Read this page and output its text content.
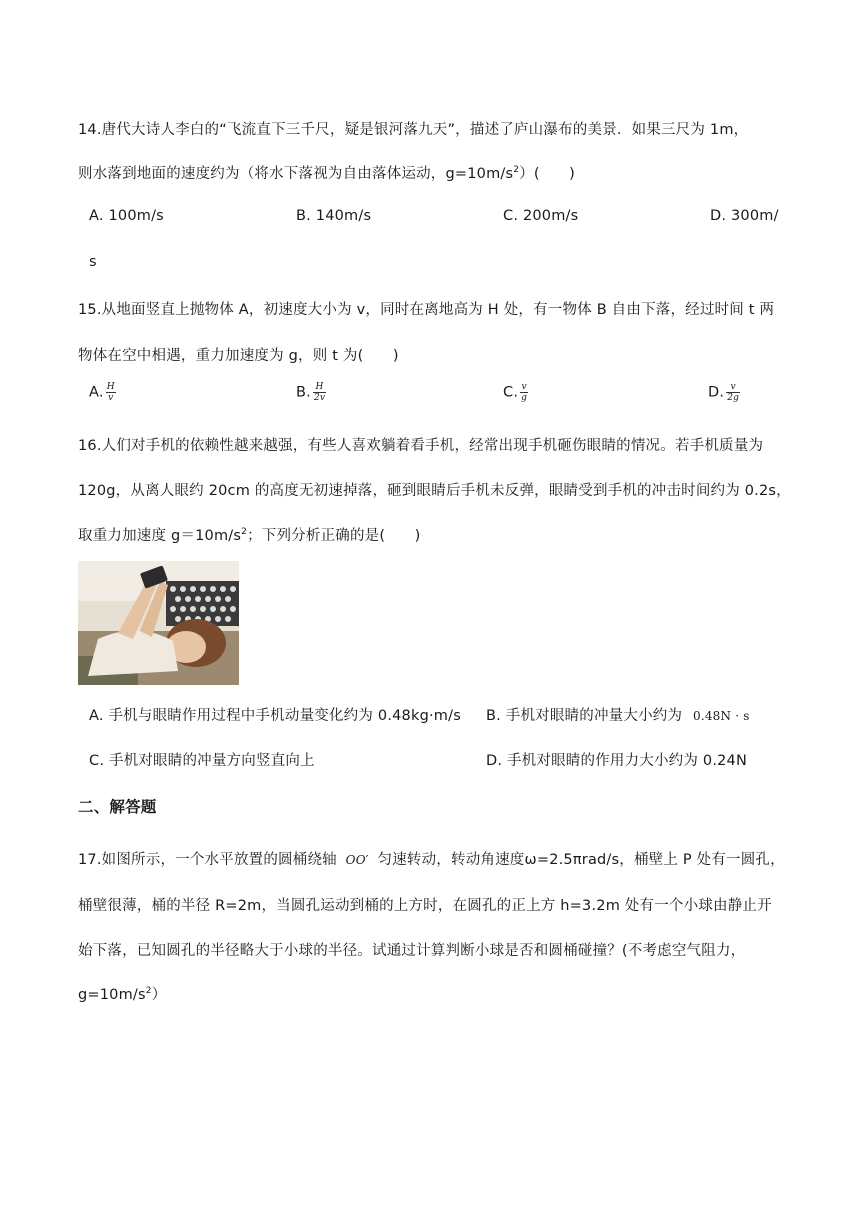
14.唐代大诗人李白的“飞流直下三千尺，疑是银河落九天”，描述了庐山瀑布的美景．如果三尺为 1m，
则水落到地面的速度约为（将水下落视为自由落体运动，$g=10m/s^2$）(　　)
A. 100m/s	B. 140m/s	C. 200m/s	D. 300m/
s
15.从地面竖直上抛物体 A，初速度大小为 v，同时在离地高为 H 处，有一物体 B 自由下落，经过时间 t 两
物体在空中相遇，重力加速度为 g，则 t 为(　　)
A. $\frac{H}{v}$	B. $\frac{H}{2v}$	C. $\frac{v}{g}$	D. $\frac{v}{2g}$
16.人们对手机的依赖性越来越强，有些人喜欢躺着看手机，经常出现手机砸伤眼睛的情况。若手机质量为
120g，从离人眼约 20cm 的高度无初速掉落，砸到眼睛后手机未反弹，眼睛受到手机的冲击时间约为 0.2s，
取重力加速度 $g=10m/s^2$；下列分析正确的是(　　)
A. 手机与眼睛作用过程中手机动量变化约为 0.48kg·m/s B. 手机对眼睛的冲量大小约为 0.48N · s
C. 手机对眼睛的冲量方向竖直向上	D. 手机对眼睛的作用力大小约为 0.24N
二、解答题
17.如图所示，一个水平放置的圆桶绕轴 OO′ 匀速转动，转动角速度ω=2.5πrad/s，桶壁上 P 处有一圆孔，
桶壁很薄，桶的半径 R=2m，当圆孔运动到桶的上方时，在圆孔的正上方 h=3.2m 处有一个小球由静止开
始下落，已知圆孔的半径略大于小球的半径。试通过计算判断小球是否和圆桶碰撞？(不考虑空气阻力，
$g=10m/s^2$）
